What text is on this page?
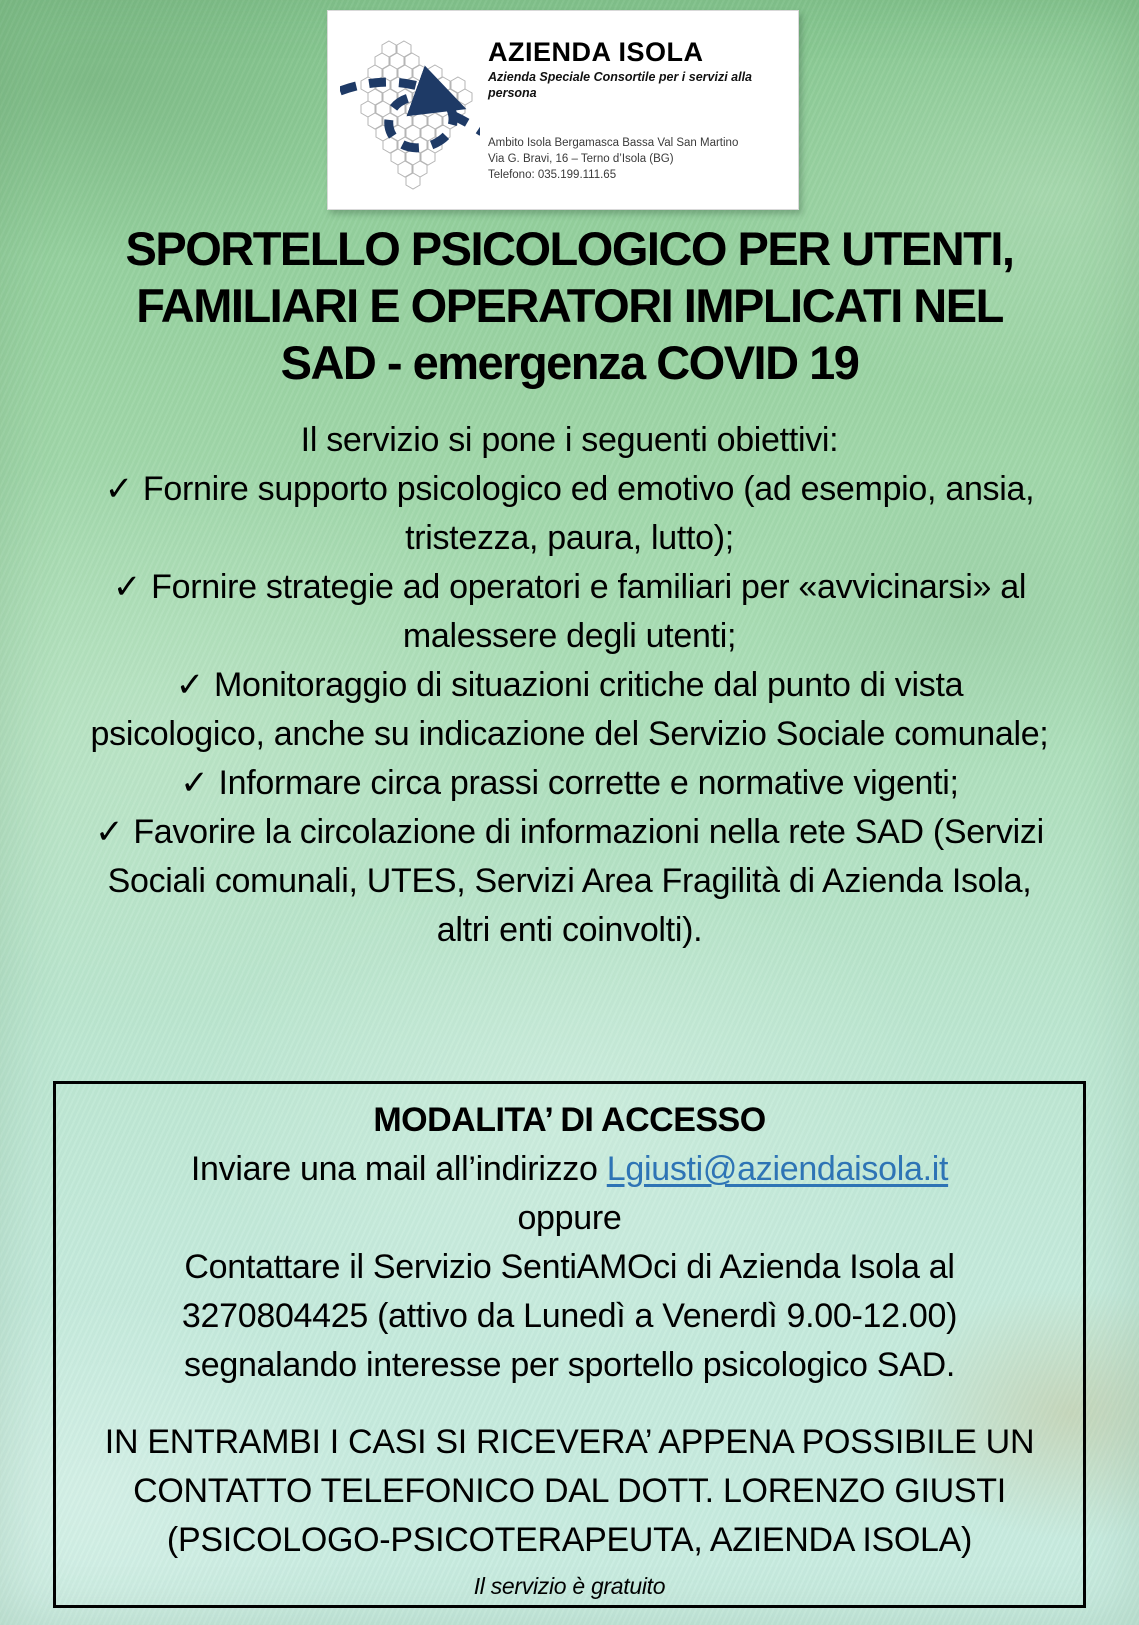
AZIENDA ISOLA
Azienda Speciale Consortile per i servizi alla persona
Ambito Isola Bergamasca Bassa Val San Martino
Via G. Bravi, 16 – Terno d’Isola (BG)
Telefono: 035.199.111.65
SPORTELLO PSICOLOGICO PER UTENTI,
FAMILIARI E OPERATORI IMPLICATI NEL
SAD - emergenza COVID 19

Il servizio si pone i seguenti obiettivi:

✓ Fornire supporto psicologico ed emotivo (ad esempio, ansia, tristezza, paura, lutto);

✓ Fornire strategie ad operatori e familiari per «avvicinarsi» al malessere degli utenti;

✓ Monitoraggio di situazioni critiche dal punto di vista psicologico, anche su indicazione del Servizio Sociale comunale;

✓ Informare circa prassi corrette e normative vigenti;

✓ Favorire la circolazione di informazioni nella rete SAD (Servizi Sociali comunali, UTES, Servizi Area Fragilità di Azienda Isola, altri enti coinvolti).

MODALITA’ DI ACCESSO

Inviare una mail all’indirizzo Lgiusti@aziendaisola.it

oppure

Contattare il Servizio SentiAMOci di Azienda Isola al 3270804425 (attivo da Lunedì a Venerdì 9.00-12.00) segnalando interesse per sportello psicologico SAD.

IN ENTRAMBI I CASI SI RICEVERA’ APPENA POSSIBILE UN CONTATTO TELEFONICO DAL DOTT. LORENZO GIUSTI (PSICOLOGO-PSICOTERAPEUTA, AZIENDA ISOLA)

Il servizio è gratuito
